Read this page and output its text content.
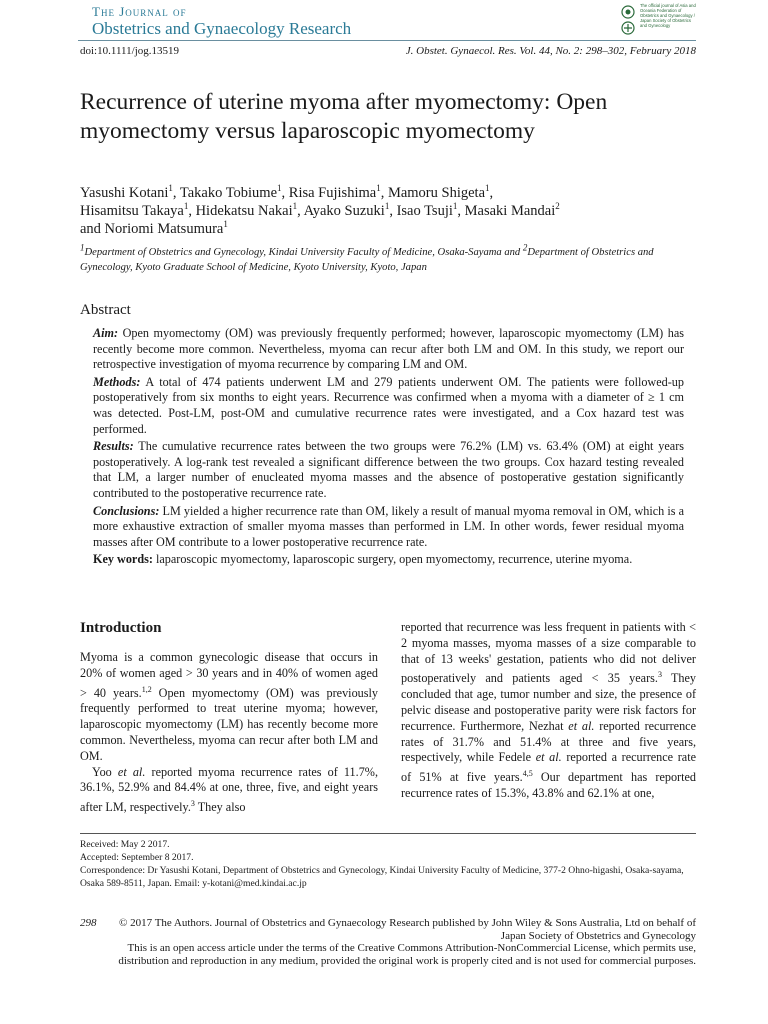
The Journal of
Obstetrics and Gynaecology Research
The official journal of Asia and Oceania Federation of Obstetrics and Gynaecology / Japan Society of Obstetrics and Gynecology
doi:10.1111/jog.13519	J. Obstet. Gynaecol. Res. Vol. 44, No. 2: 298–302, February 2018
Recurrence of uterine myoma after myomectomy: Open myomectomy versus laparoscopic myomectomy
Yasushi Kotani$^1$, Takako Tobiume$^1$, Risa Fujishima$^1$, Mamoru Shigeta$^1$,
Hisamitsu Takaya$^1$, Hidekatsu Nakai$^1$, Ayako Suzuki$^1$, Isao Tsuji$^1$, Masaki Mandai$^2$
and Noriomi Matsumura$^1$
$^1$Department of Obstetrics and Gynecology, Kindai University Faculty of Medicine, Osaka-Sayama and $^2$Department of Obstetrics and Gynecology, Kyoto Graduate School of Medicine, Kyoto University, Kyoto, Japan
Abstract

Aim: Open myomectomy (OM) was previously frequently performed; however, laparoscopic myomectomy (LM) has recently become more common. Nevertheless, myoma can recur after both LM and OM. In this study, we report our retrospective investigation of myoma recurrence by comparing LM and OM.

Methods: A total of 474 patients underwent LM and 279 patients underwent OM. The patients were followed-up postoperatively from six months to eight years. Recurrence was confirmed when a myoma with a diameter of ≥ 1 cm was detected. Post-LM, post-OM and cumulative recurrence rates were investigated, and a Cox hazard test was performed.

Results: The cumulative recurrence rates between the two groups were 76.2% (LM) vs. 63.4% (OM) at eight years postoperatively. A log-rank test revealed a significant difference between the two groups. Cox hazard testing revealed that LM, a larger number of enucleated myoma masses and the absence of postoperative gestation significantly contributed to the postoperative recurrence rate.

Conclusions: LM yielded a higher recurrence rate than OM, likely a result of manual myoma removal in OM, which is a more exhaustive extraction of smaller myoma masses than performed in LM. In other words, fewer residual myoma masses after OM contribute to a lower postoperative recurrence rate.

Key words: laparoscopic myomectomy, laparoscopic surgery, open myomectomy, recurrence, uterine myoma.

Introduction

Myoma is a common gynecologic disease that occurs in 20% of women aged > 30 years and in 40% of women aged > 40 years.$^{1,2}$ Open myomectomy (OM) was previously frequently performed to treat uterine myoma; however, laparoscopic myomectomy (LM) has recently become more common. Nevertheless, myoma can recur after both LM and OM.

Yoo et al. reported myoma recurrence rates of 11.7%, 36.1%, 52.9% and 84.4% at one, three, five, and eight years after LM, respectively.$^3$ They also

reported that recurrence was less frequent in patients with < 2 myoma masses, myoma masses of a size comparable to that of 13 weeks' gestation, patients who did not deliver postoperatively and patients aged < 35 years.$^3$ They concluded that age, tumor number and size, the presence of pelvic disease and postoperative parity were risk factors for recurrence. Furthermore, Nezhat et al. reported recurrence rates of 31.7% and 51.4% at three and five years, respectively, while Fedele et al. reported a recurrence rate of 51% at five years.$^{4,5}$ Our department has reported recurrence rates of 15.3%, 43.8% and 62.1% at one,

Received: May 2 2017.

Accepted: September 8 2017.

Correspondence: Dr Yasushi Kotani, Department of Obstetrics and Gynecology, Kindai University Faculty of Medicine, 377-2 Ohno-higashi, Osaka-sayama, Osaka 589-8511, Japan. Email: y-kotani@med.kindai.ac.jp

298	© 2017 The Authors. Journal of Obstetrics and Gynaecology Research published by John Wiley & Sons Australia, Ltd on behalf of Japan Society of Obstetrics and Gynecology

This is an open access article under the terms of the Creative Commons Attribution-NonCommercial License, which permits use, distribution and reproduction in any medium, provided the original work is properly cited and is not used for commercial purposes.
